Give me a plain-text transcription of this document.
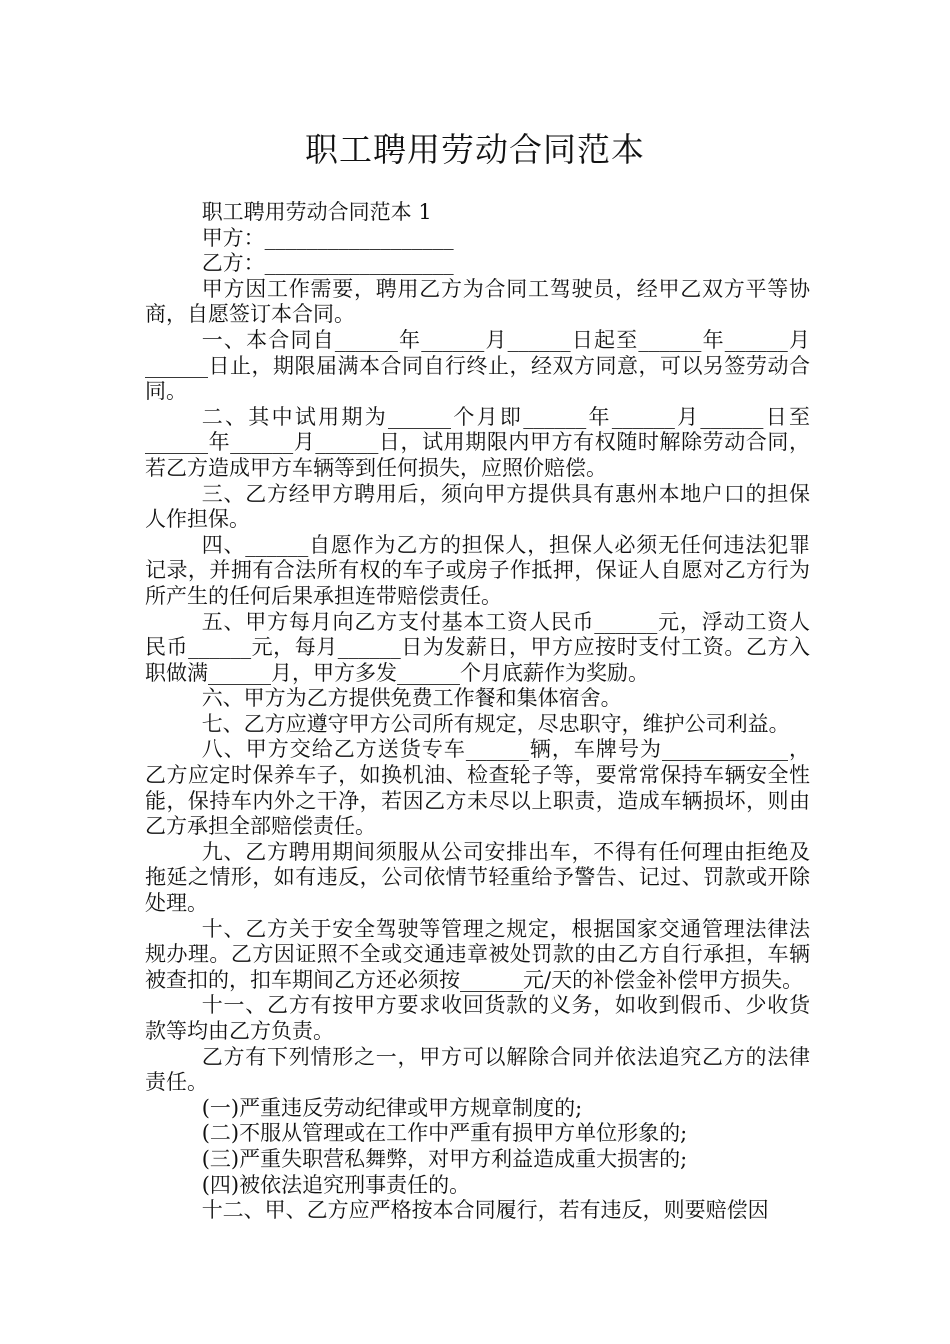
职工聘用劳动合同范本

职工聘用劳动合同范本 1

甲方：__________________

乙方：__________________

甲方因工作需要，聘用乙方为合同工驾驶员，经甲乙双方平等协商，自愿签订本合同。

一、本合同自______年______月______日起至______年______月______日止，期限届满本合同自行终止，经双方同意，可以另签劳动合同。

二、其中试用期为______个月即______年______月______日至______年______月______日，试用期限内甲方有权随时解除劳动合同，若乙方造成甲方车辆等到任何损失，应照价赔偿。

三、乙方经甲方聘用后，须向甲方提供具有惠州本地户口的担保人作担保。

四、______自愿作为乙方的担保人，担保人必须无任何违法犯罪记录，并拥有合法所有权的车子或房子作抵押，保证人自愿对乙方行为所产生的任何后果承担连带赔偿责任。

五、甲方每月向乙方支付基本工资人民币______元，浮动工资人民币______元，每月______日为发薪日，甲方应按时支付工资。乙方入职做满______月，甲方多发______个月底薪作为奖励。

六、甲方为乙方提供免费工作餐和集体宿舍。

七、乙方应遵守甲方公司所有规定，尽忠职守，维护公司利益。

八、甲方交给乙方送货专车______辆，车牌号为____________，乙方应定时保养车子，如换机油、检查轮子等，要常常保持车辆安全性能，保持车内外之干净，若因乙方未尽以上职责，造成车辆损坏，则由乙方承担全部赔偿责任。

九、乙方聘用期间须服从公司安排出车，不得有任何理由拒绝及拖延之情形，如有违反，公司依情节轻重给予警告、记过、罚款或开除处理。

十、乙方关于安全驾驶等管理之规定，根据国家交通管理法律法规办理。乙方因证照不全或交通违章被处罚款的由乙方自行承担，车辆被查扣的，扣车期间乙方还必须按______元/天的补偿金补偿甲方损失。

十一、乙方有按甲方要求收回货款的义务，如收到假币、少收货款等均由乙方负责。

乙方有下列情形之一，甲方可以解除合同并依法追究乙方的法律责任。

(一)严重违反劳动纪律或甲方规章制度的;

(二)不服从管理或在工作中严重有损甲方单位形象的;

(三)严重失职营私舞弊，对甲方利益造成重大损害的;

(四)被依法追究刑事责任的。

十二、甲、乙方应严格按本合同履行，若有违反，则要赔偿因
